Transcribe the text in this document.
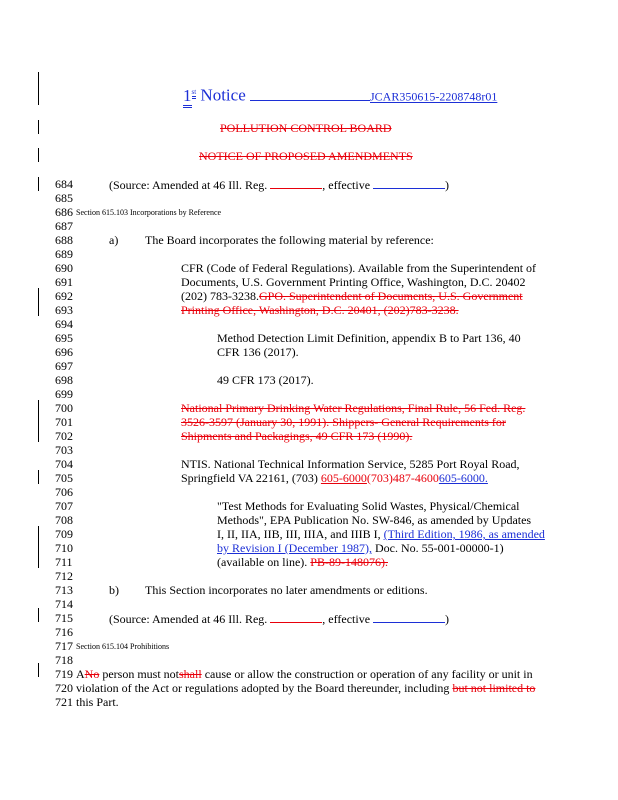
1st Notice	JCAR350615-2208748r01
POLLUTION CONTROL BOARD
NOTICE OF PROPOSED AMENDMENTS
684
685
686
687
688
689
690
691
692
693
694
695
696
697
698
699
700
701
702
703
704
705
706
707
708
709
710
711
712
713
714
715
716
717
718
719
720
721
(Source: Amended at 46 Ill. Reg.	, effective	)
Section 615.103 Incorporations by Reference
a) The Board incorporates the following material by reference:
CFR (Code of Federal Regulations). Available from the Superintendent of
Documents, U.S. Government Printing Office, Washington, D.C. 20402
(202) 783-3238.GPO. Superintendent of Documents, U.S. Government
Printing Office, Washington, D.C. 20401, (202)783-3238.
Method Detection Limit Definition, appendix B to Part 136, 40
CFR 136 (2017).
49 CFR 173 (2017).
National Primary Drinking Water Regulations, Final Rule, 56 Fed. Reg.
3526-3597 (January 30, 1991). Shippers- General Requirements for
Shipments and Packagings, 49 CFR 173 (1990).
NTIS. National Technical Information Service, 5285 Port Royal Road,
Springfield VA 22161, (703) 605-6000(703)487-4600605-6000.
"Test Methods for Evaluating Solid Wastes, Physical/Chemical
Methods", EPA Publication No. SW-846, as amended by Updates
I, II, IIA, IIB, III, IIIA, and IIIB I, (Third Edition, 1986, as amended
by Revision I (December 1987), Doc. No. 55-001-00000-1)
(available on line). PB-89-148076).
b) This Section incorporates no later amendments or editions.
(Source: Amended at 46 Ill. Reg.	, effective	)
Section 615.104 Prohibitions
ANo person must notshall cause or allow the construction or operation of any facility or unit in
violation of the Act or regulations adopted by the Board thereunder, including but not limited to
this Part.
